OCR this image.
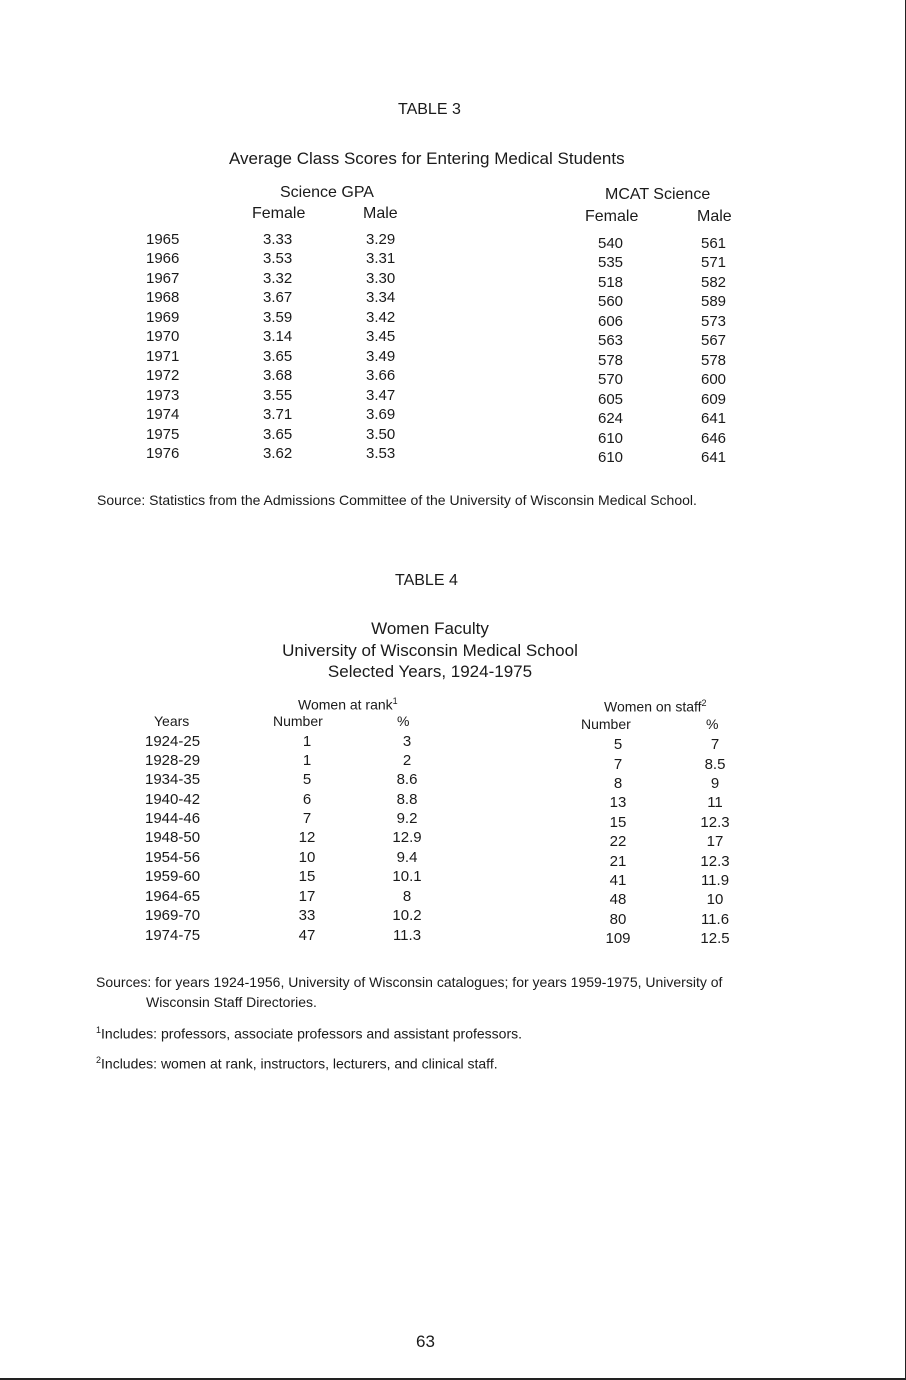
TABLE 3
Average Class Scores for Entering Medical Students
Science GPA
Female	Male
MCAT Science
Female	Male
1965	3.33	3.29	540	561
1966	3.53	3.31	535	571
1967	3.32	3.30	518	582
1968	3.67	3.34	560	589
1969	3.59	3.42	606	573
1970	3.14	3.45	563	567
1971	3.65	3.49	578	578
1972	3.68	3.66	570	600
1973	3.55	3.47	605	609
1974	3.71	3.69	624	641
1975	3.65	3.50	610	646
1976	3.62	3.53	610	641
Source: Statistics from the Admissions Committee of the University of Wisconsin Medical School.
TABLE 4
Women Faculty
University of Wisconsin Medical School
Selected Years, 1924-1975
Women at rank$^1$	Women on staff$^2$
Years	Number	%	Number	%
1924-25	1	3	5	7
1928-29	1	2	7	8.5
1934-35	5	8.6	8	9
1940-42	6	8.8	13	11
1944-46	7	9.2	15	12.3
1948-50	12	12.9	22	17
1954-56	10	9.4	21	12.3
1959-60	15	10.1	41	11.9
1964-65	17	8	48	10
1969-70	33	10.2	80	11.6
1974-75	47	11.3	109	12.5
Sources: for years 1924-1956, University of Wisconsin catalogues; for years 1959-1975, University of Wisconsin Staff Directories.
$^1$Includes: professors, associate professors and assistant professors.
$^2$Includes: women at rank, instructors, lecturers, and clinical staff.
63
